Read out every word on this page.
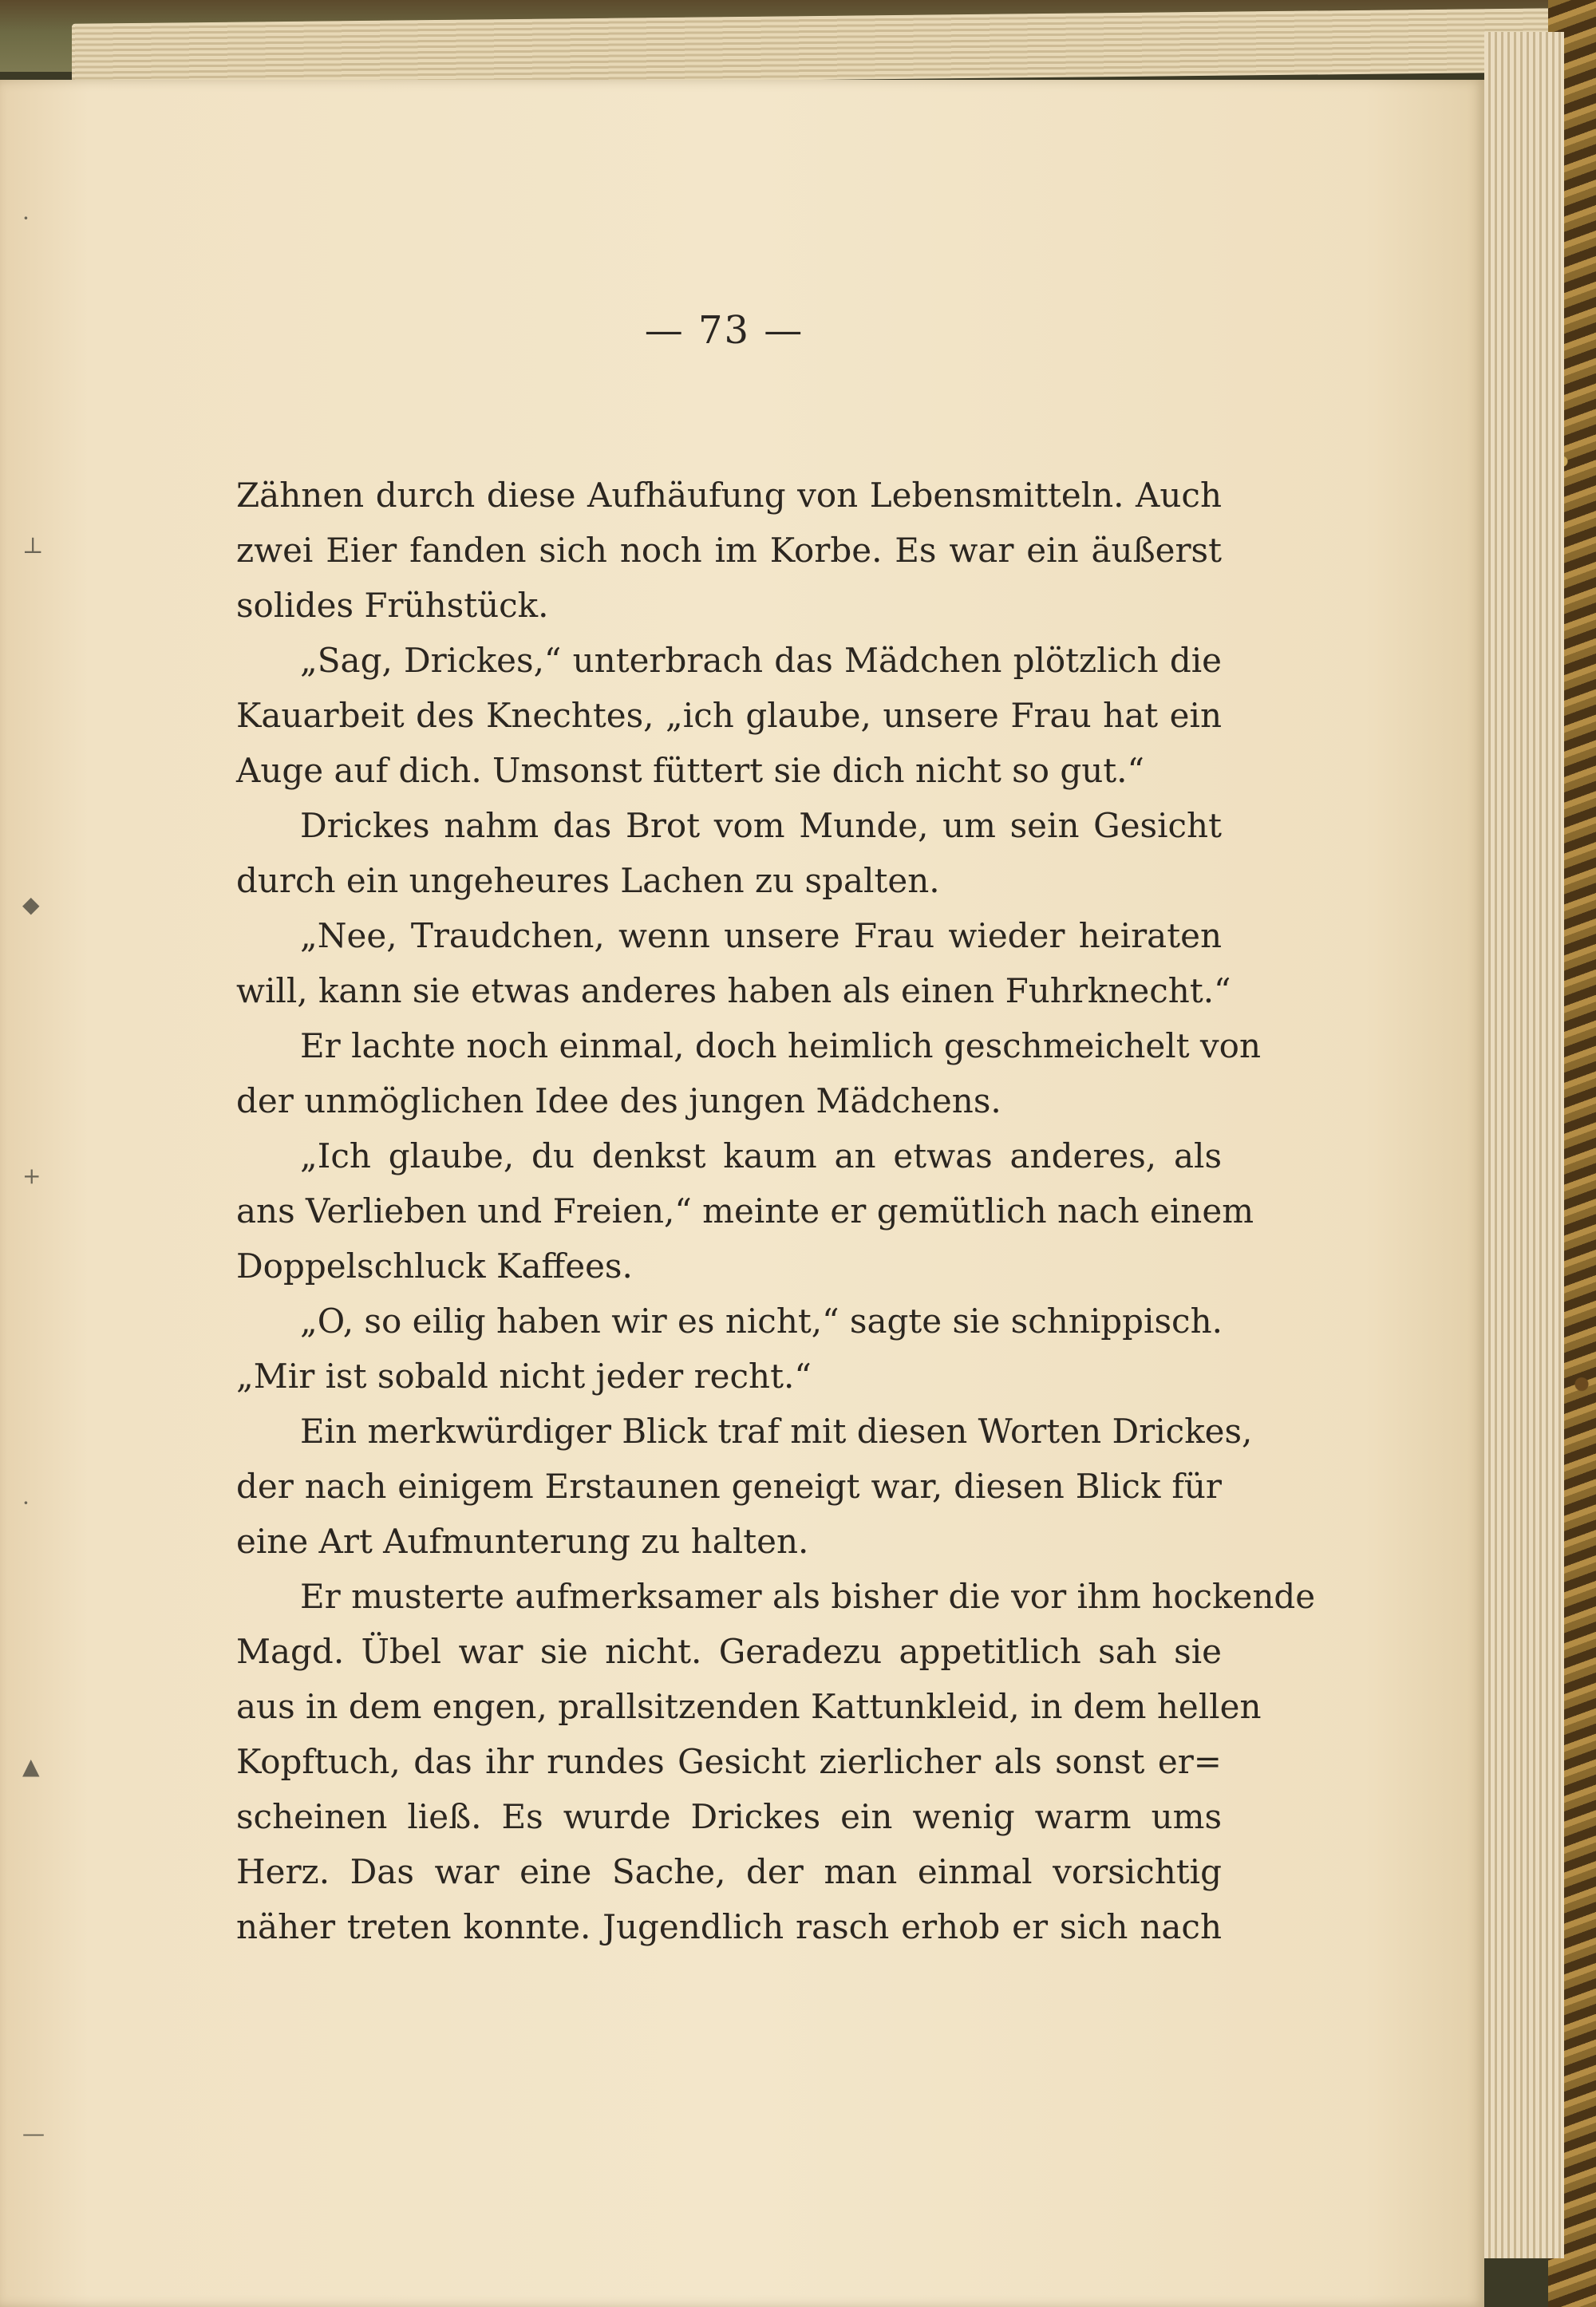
·
⊥
◆
+
·
▲
—
— 73 —
Zähnen durch diese Aufhäufung von Lebensmitteln. Auch
zwei Eier fanden sich noch im Korbe. Es war ein äußerst
solides Frühstück.
„Sag, Drickes,“ unterbrach das Mädchen plötzlich die
Kauarbeit des Knechtes, „ich glaube, unsere Frau hat ein
Auge auf dich. Umsonst füttert sie dich nicht so gut.“
Drickes nahm das Brot vom Munde, um sein Gesicht
durch ein ungeheures Lachen zu spalten.
„Nee, Traudchen, wenn unsere Frau wieder heiraten
will, kann sie etwas anderes haben als einen Fuhrknecht.“
Er lachte noch einmal, doch heimlich geschmeichelt von
der unmöglichen Idee des jungen Mädchens.
„Ich glaube, du denkst kaum an etwas anderes, als
ans Verlieben und Freien,“ meinte er gemütlich nach einem
Doppelschluck Kaffees.
„O, so eilig haben wir es nicht,“ sagte sie schnippisch.
„Mir ist sobald nicht jeder recht.“
Ein merkwürdiger Blick traf mit diesen Worten Drickes,
der nach einigem Erstaunen geneigt war, diesen Blick für
eine Art Aufmunterung zu halten.
Er musterte aufmerksamer als bisher die vor ihm hockende
Magd. Übel war sie nicht. Geradezu appetitlich sah sie
aus in dem engen, prallsitzenden Kattunkleid, in dem hellen
Kopftuch, das ihr rundes Gesicht zierlicher als sonst er=
scheinen ließ. Es wurde Drickes ein wenig warm ums
Herz. Das war eine Sache, der man einmal vorsichtig
näher treten konnte. Jugendlich rasch erhob er sich nach
